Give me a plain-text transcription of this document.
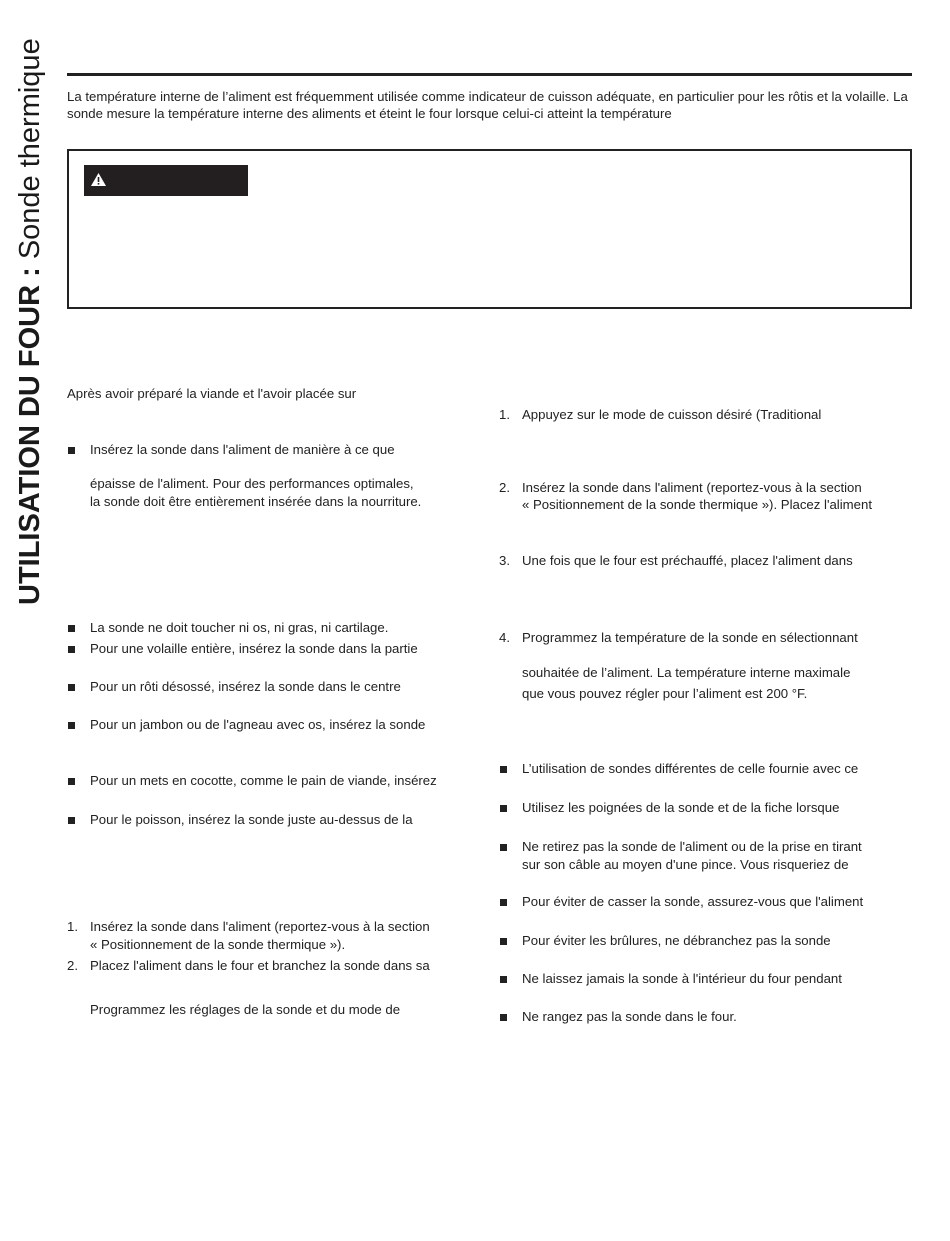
UTILISATION DU FOUR : Sonde thermique	La température interne de l’aliment est fréquemment utilisée comme indicateur de cuisson adéquate, en particulier pour les rôtis et la volaille. La sonde mesure la température interne des aliments et éteint le four lorsque celui-ci atteint la température
Après avoir préparé la viande et l'avoir placée sur
Insérez la sonde dans l'aliment de manière à ce que
épaisse de l'aliment. Pour des performances optimales,
la sonde doit être entièrement insérée dans la nourriture.
La sonde ne doit toucher ni os, ni gras, ni cartilage.
Pour une volaille entière, insérez la sonde dans la partie
Pour un rôti désossé, insérez la sonde dans le centre
Pour un jambon ou de l'agneau avec os, insérez la sonde
Pour un mets en cocotte, comme le pain de viande, insérez
Pour le poisson, insérez la sonde juste au-dessus de la
1. Insérez la sonde dans l'aliment (reportez-vous à la section
« Positionnement de la sonde thermique »).
2. Placez l'aliment dans le four et branchez la sonde dans sa
Programmez les réglages de la sonde et du mode de
1. Appuyez sur le mode de cuisson désiré (Traditional
2. Insérez la sonde dans l'aliment (reportez-vous à la section
« Positionnement de la sonde thermique »). Placez l'aliment
3. Une fois que le four est préchauffé, placez l'aliment dans
4. Programmez la température de la sonde en sélectionnant
souhaitée de l’aliment. La température interne maximale
que vous pouvez régler pour l’aliment est 200 °F.
L’utilisation de sondes différentes de celle fournie avec ce
Utilisez les poignées de la sonde et de la fiche lorsque
Ne retirez pas la sonde de l'aliment ou de la prise en tirant
sur son câble au moyen d'une pince. Vous risqueriez de
Pour éviter de casser la sonde, assurez-vous que l'aliment
Pour éviter les brûlures, ne débranchez pas la sonde
Ne laissez jamais la sonde à l'intérieur du four pendant
Ne rangez pas la sonde dans le four.
